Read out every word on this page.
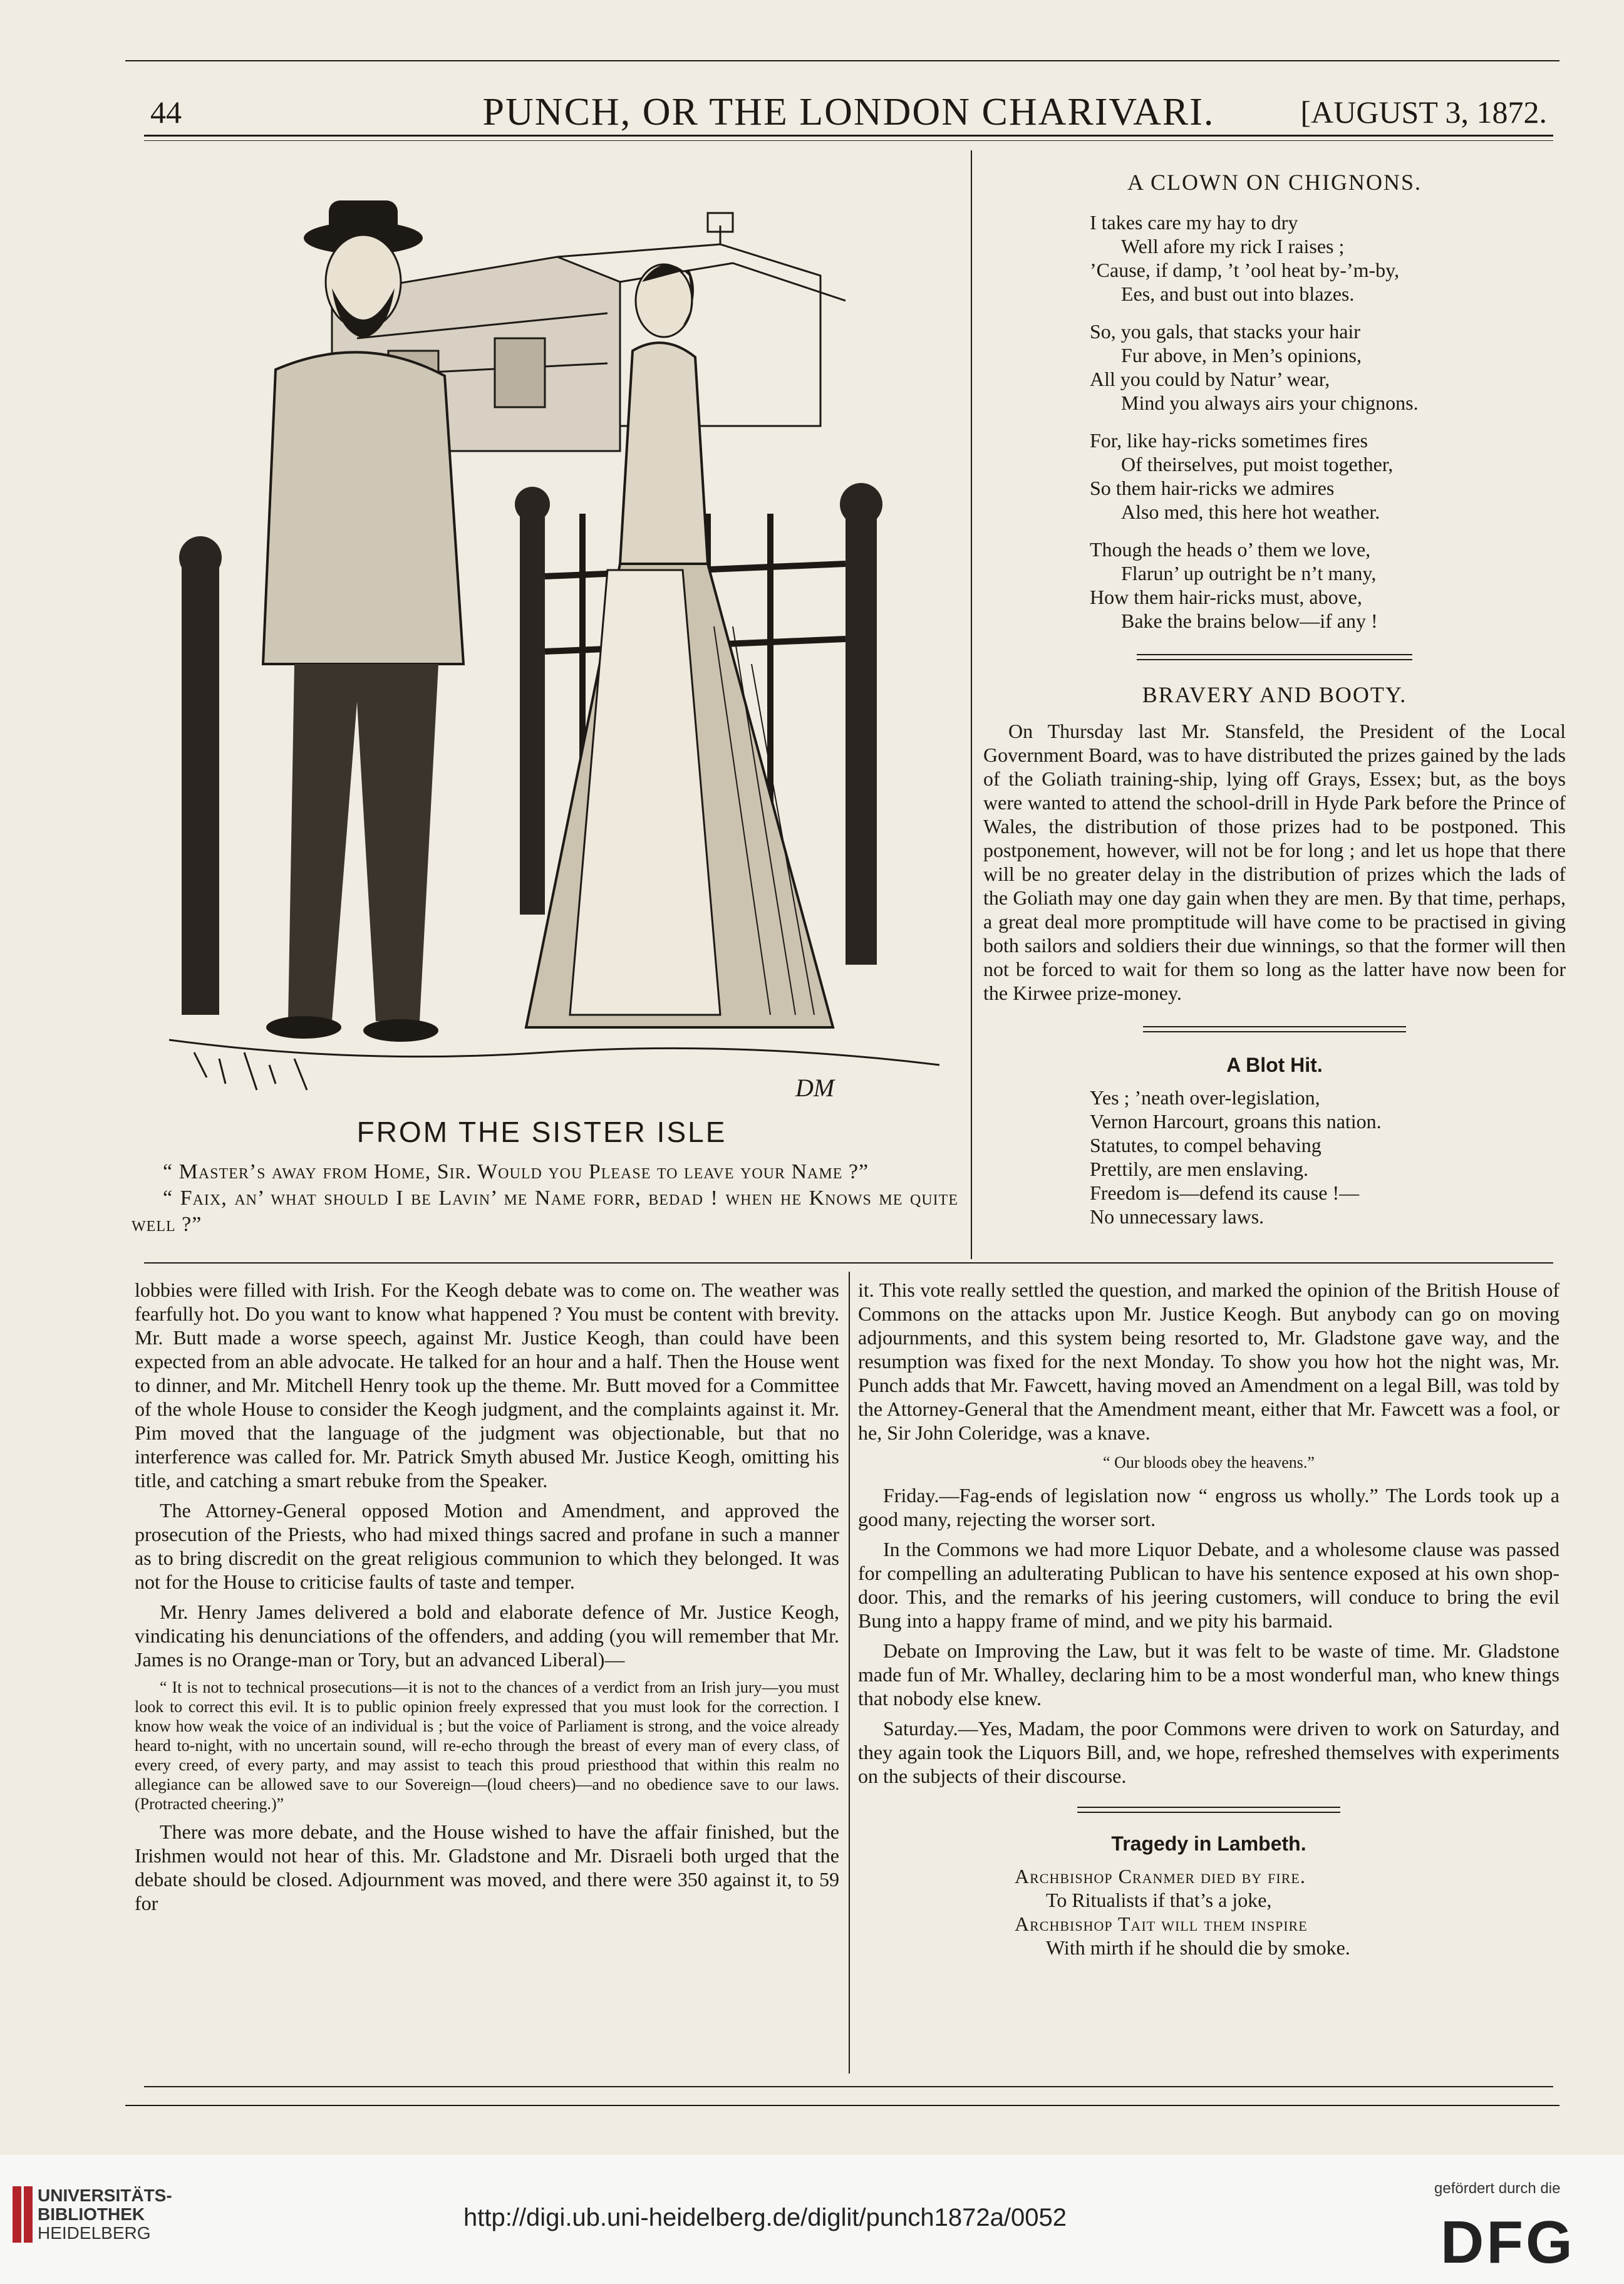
44	PUNCH, OR THE LONDON CHARIVARI.	[AUGUST 3, 1872.
DM
FROM THE SISTER ISLE

“ Master’s away from Home, Sir. Would you Please to leave your Name ?”

“ Faix, an’ what should I be Lavin’ me Name forr, bedad ! when he Knows me quite well ?”

A CLOWN ON CHIGNONS.
I takes care my hay to dry
Well afore my rick I raises ;
’Cause, if damp, ’t ’ool heat by-’m-by,
Ees, and bust out into blazes.
So, you gals, that stacks your hair
Fur above, in Men’s opinions,
All you could by Natur’ wear,
Mind you always airs your chignons.
For, like hay-ricks sometimes fires
Of theirselves, put moist together,
So them hair-ricks we admires
Also med, this here hot weather.
Though the heads o’ them we love,
Flarun’ up outright be n’t many,
How them hair-ricks must, above,
Bake the brains below—if any !
BRAVERY AND BOOTY.

On Thursday last Mr. Stansfeld, the President of the Local Government Board, was to have distributed the prizes gained by the lads of the Goliath training-ship, lying off Grays, Essex; but, as the boys were wanted to attend the school-drill in Hyde Park before the Prince of Wales, the distribution of those prizes had to be postponed. This postponement, however, will not be for long ; and let us hope that there will be no greater delay in the distribution of prizes which the lads of the Goliath may one day gain when they are men. By that time, perhaps, a great deal more promptitude will have come to be practised in giving both sailors and soldiers their due winnings, so that the former will then not be forced to wait for them so long as the latter have now been for the Kirwee prize-money.

A Blot Hit.
Yes ; ’neath over-legislation,
Vernon Harcourt, groans this nation.
Statutes, to compel behaving
Prettily, are men enslaving.
Freedom is—defend its cause !—
No unnecessary laws.

lobbies were filled with Irish. For the Keogh debate was to come on. The weather was fearfully hot. Do you want to know what happened ? You must be content with brevity. Mr. Butt made a worse speech, against Mr. Justice Keogh, than could have been expected from an able advocate. He talked for an hour and a half. Then the House went to dinner, and Mr. Mitchell Henry took up the theme. Mr. Butt moved for a Committee of the whole House to consider the Keogh judgment, and the complaints against it. Mr. Pim moved that the language of the judgment was objectionable, but that no interference was called for. Mr. Patrick Smyth abused Mr. Justice Keogh, omitting his title, and catching a smart rebuke from the Speaker.

The Attorney-General opposed Motion and Amendment, and approved the prosecution of the Priests, who had mixed things sacred and profane in such a manner as to bring discredit on the great religious communion to which they belonged. It was not for the House to criticise faults of taste and temper.

Mr. Henry James delivered a bold and elaborate defence of Mr. Justice Keogh, vindicating his denunciations of the offenders, and adding (you will remember that Mr. James is no Orange-man or Tory, but an advanced Liberal)—

“ It is not to technical prosecutions—it is not to the chances of a verdict from an Irish jury—you must look to correct this evil. It is to public opinion freely expressed that you must look for the correction. I know how weak the voice of an individual is ; but the voice of Parliament is strong, and the voice already heard to-night, with no uncertain sound, will re-echo through the breast of every man of every class, of every creed, of every party, and may assist to teach this proud priesthood that within this realm no allegiance can be allowed save to our Sovereign—(loud cheers)—and no obedience save to our laws. (Protracted cheering.)”

There was more debate, and the House wished to have the affair finished, but the Irishmen would not hear of this. Mr. Gladstone and Mr. Disraeli both urged that the debate should be closed. Adjournment was moved, and there were 350 against it, to 59 for

it. This vote really settled the question, and marked the opinion of the British House of Commons on the attacks upon Mr. Justice Keogh. But anybody can go on moving adjournments, and this system being resorted to, Mr. Gladstone gave way, and the resumption was fixed for the next Monday. To show you how hot the night was, Mr. Punch adds that Mr. Fawcett, having moved an Amendment on a legal Bill, was told by the Attorney-General that the Amendment meant, either that Mr. Fawcett was a fool, or he, Sir John Coleridge, was a knave.

“ Our bloods obey the heavens.”

Friday.—Fag-ends of legislation now “ engross us wholly.” The Lords took up a good many, rejecting the worser sort.

In the Commons we had more Liquor Debate, and a wholesome clause was passed for compelling an adulterating Publican to have his sentence exposed at his own shop-door. This, and the remarks of his jeering customers, will conduce to bring the evil Bung into a happy frame of mind, and we pity his barmaid.

Debate on Improving the Law, but it was felt to be waste of time. Mr. Gladstone made fun of Mr. Whalley, declaring him to be a most wonderful man, who knew things that nobody else knew.

Saturday.—Yes, Madam, the poor Commons were driven to work on Saturday, and they again took the Liquors Bill, and, we hope, refreshed themselves with experiments on the subjects of their discourse.

Tragedy in Lambeth.
Archbishop Cranmer died by fire.
To Ritualists if that’s a joke,
Archbishop Tait will them inspire
With mirth if he should die by smoke.
UNIVERSITÄTS-
BIBLIOTHEK
HEIDELBERG
http://digi.ub.uni-heidelberg.de/diglit/punch1872a/0052
gefördert durch die
DFG
